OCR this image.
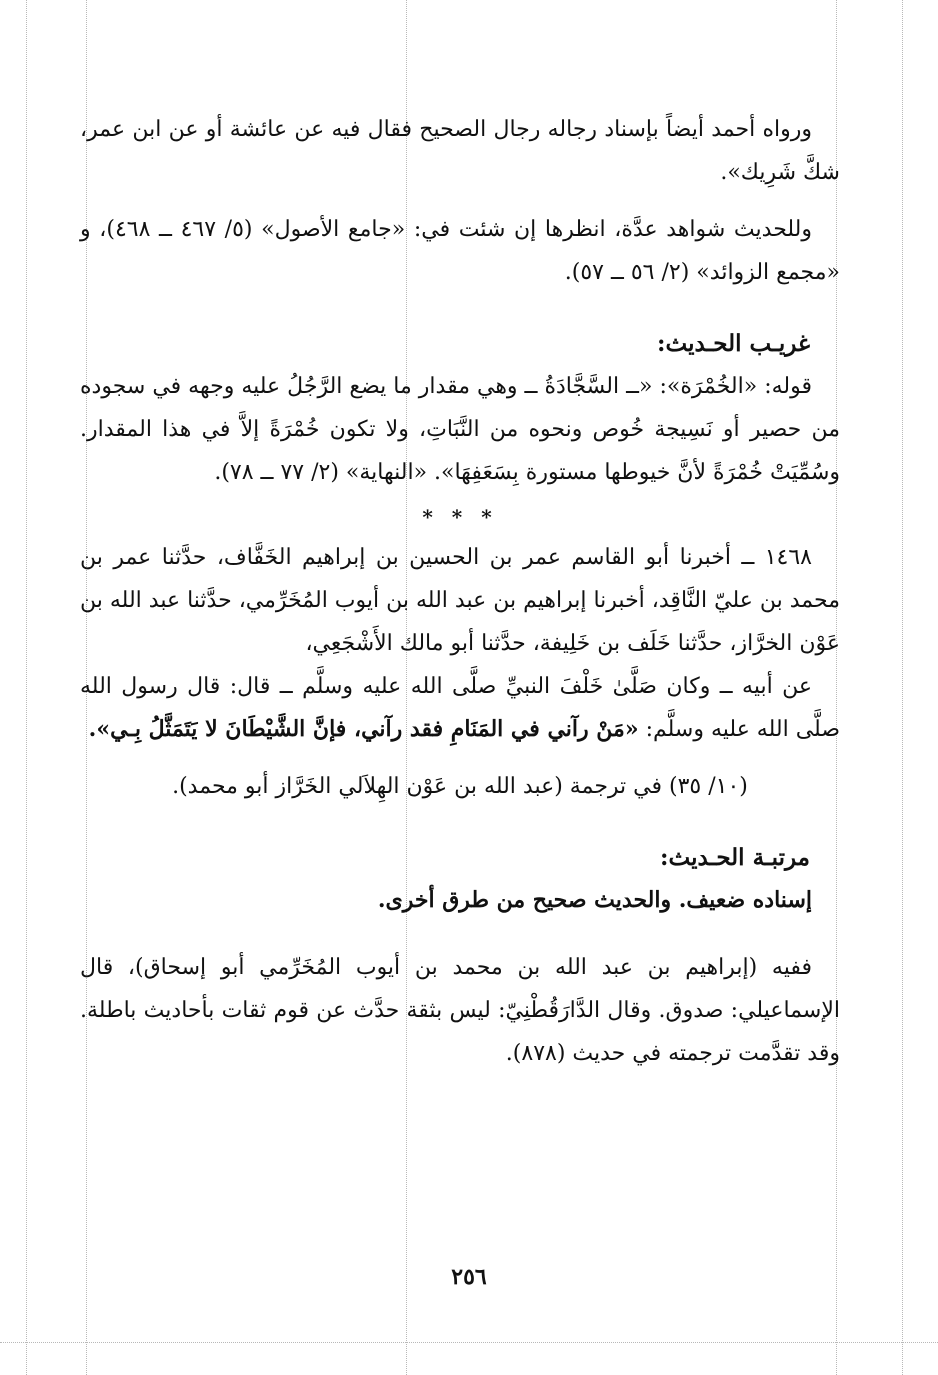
ورواه أحمد أيضاً بإسناد رجاله رجال الصحيح فقال فيه عن عائشة أو عن ابن عمر، شكَّ شَرِيك».

وللحديث شواهد عدَّة، انظرها إن شئت في: «جامع الأصول» (٥/ ٤٦٧ ــ ٤٦٨)، و «مجمع الزوائد» (٢/ ٥٦ ــ ٥٧).

غريـب الحـديث:

قوله: «الخُمْرَة»: «ــ السَّجَّادَةُ ــ وهي مقدار ما يضع الرَّجُلُ عليه وجهه في سجوده من حصير أو نَسِيجة خُوص ونحوه من النَّبَاتِ، ولا تكون خُمْرَةً إلاَّ في هذا المقدار. وسُمِّيَتْ خُمْرَةً لأنَّ خيوطها مستورة بِسَعَفِهَا». «النهاية» (٢/ ٧٧ ــ ٧٨).

* * *

١٤٦٨ ــ أخبرنا أبو القاسم عمر بن الحسين بن إبراهيم الخَفَّاف، حدَّثنا عمر بن محمد بن عليّ النَّاقِد، أخبرنا إبراهيم بن عبد الله بن أيوب المُخَرِّمي، حدَّثنا عبد الله بن عَوْن الخرَّاز، حدَّثنا خَلَف بن خَلِيفة، حدَّثنا أبو مالك الأَشْجَعِي،

عن أبيه ــ وكان صَلَّىٰ خَلْفَ النبيِّ صلَّى الله عليه وسلَّم ــ قال: قال رسول الله صلَّى الله عليه وسلَّم: «مَنْ رآني في المَنَامِ فقد رآني، فإنَّ الشَّيْطَانَ لا يَتَمَثَّلُ بِـي».

(١٠/ ٣٥) في ترجمة (عبد الله بن عَوْن الهِلاَلي الخَرَّاز أبو محمد).

مرتبـة الحـديث:

إسناده ضعيف. والحديث صحيح من طرق أخرى.

ففيه (إبراهيم بن عبد الله بن محمد بن أيوب المُخَرِّمي أبو إسحاق)، قال الإسماعيلي: صدوق. وقال الدَّارَقُطْنِيّ: ليس بثقة حدَّث عن قوم ثقات بأحاديث باطلة. وقد تقدَّمت ترجمته في حديث (٨٧٨).

٢٥٦
